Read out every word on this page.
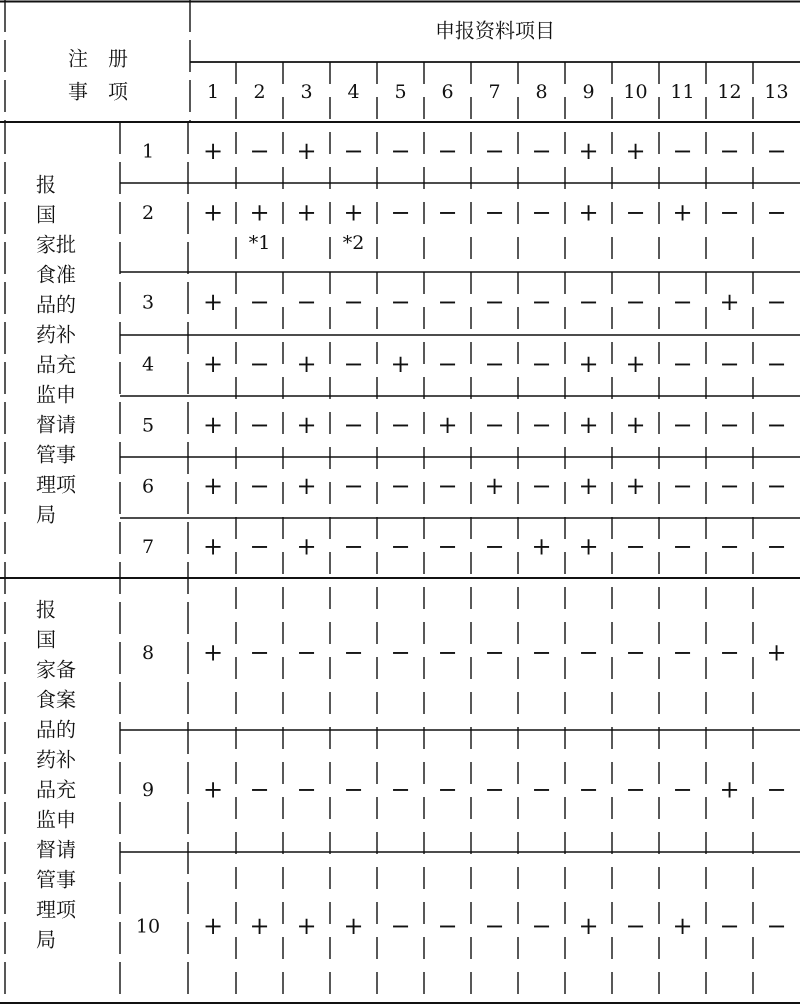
注　册
事　项
申报资料项目
1 2 3 4 5 6 7 8 9 10 11 12 13
报
国
家批
食准
品的
药补
品充
监申
督请
管事
理项
局
报
国
家备
食案
品的
药补
品充
监申
督请
管事
理项
局
1 + − + − − − − − + + − − −
2 + + + + − − − − + − + − −
*1	*2
3 + − − − − − − − − − − + −
4 + − + − + − − − + + − − −
5 + − + − − + − − + + − − −
6 + − + − − − + − + + − − −
7 + − + − − − − + + − − − −
8 + − − − − − − − − − − − +
9 + − − − − − − − − − − + −
10 + + + + − − − − + − + − −
